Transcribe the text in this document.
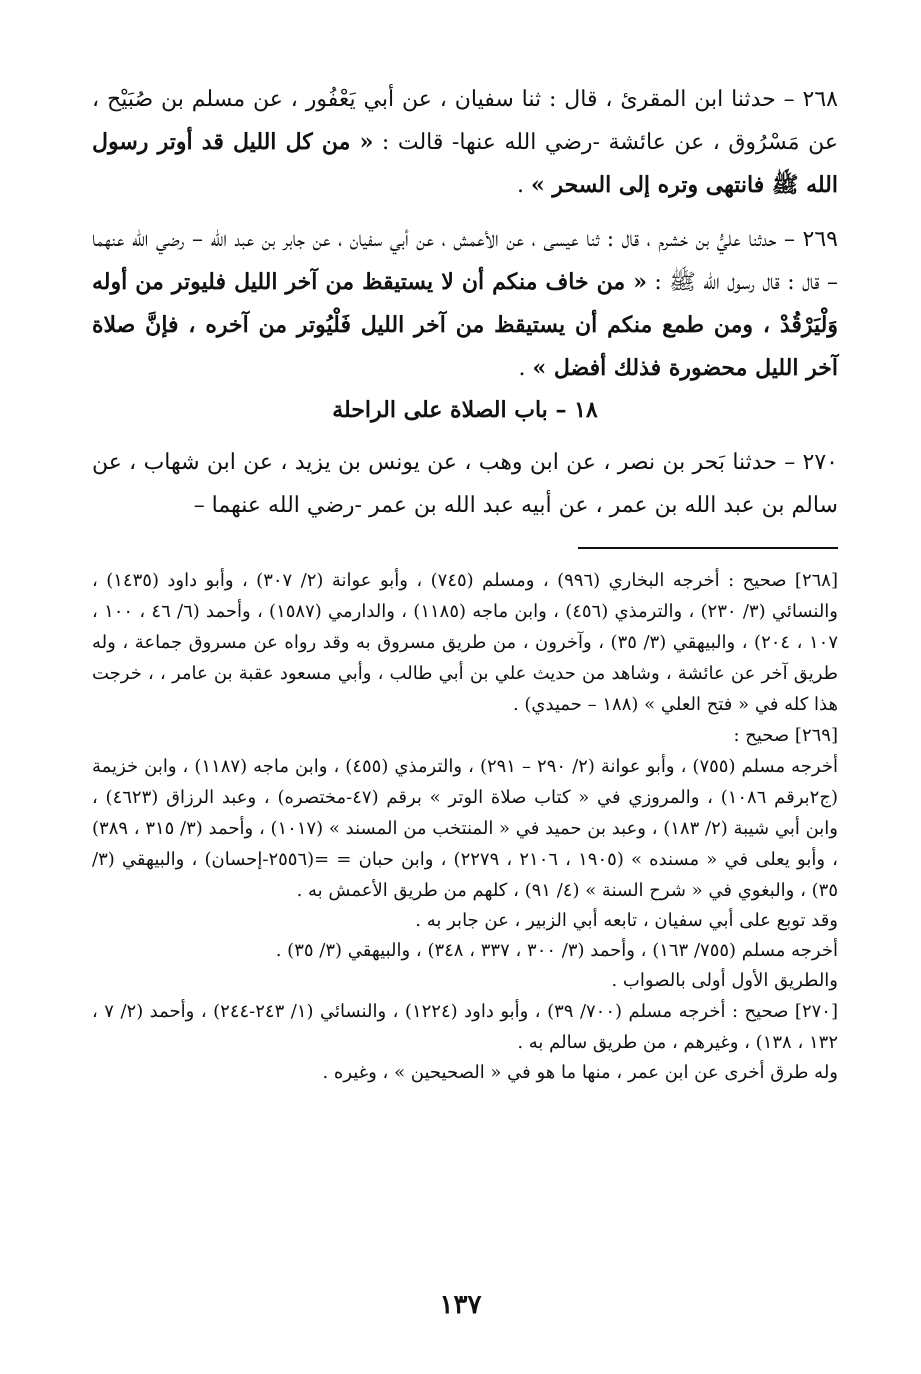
٢٦٨ – حدثنا ابن المقرئ ، قال : ثنا سفيان ، عن أبي يَعْفُور ، عن مسلم بن صُبَيْح ، عن مَسْرُوق ، عن عائشة -رضي الله عنها- قالت : « من كل الليل قد أوتر رسول الله ﷺ فانتهى وتره إلى السحر » .

٢٦٩ – حدثنا عليُّ بن خشرم ، قال : ثنا عيسى ، عن الأعمش ، عن أبي سفيان ، عن جابر بن عبد الله – رضي الله عنهما – قال : قال رسول الله ﷺ : « من خاف منكم أن لا يستيقظ من آخر الليل فليوتر من أوله وَلْيَرْقُدْ ، ومن طمع منكم أن يستيقظ من آخر الليل فَلْيُوتر من آخره ، فإنَّ صلاة آخر الليل محضورة فذلك أفضل » .

١٨ – باب الصلاة على الراحلة

٢٧٠ – حدثنا بَحر بن نصر ، عن ابن وهب ، عن يونس بن يزيد ، عن ابن شهاب ، عن سالم بن عبد الله بن عمر ، عن أبيه عبد الله بن عمر -رضي الله عنهما –

[٢٦٨] صحيح : أخرجه البخاري (٩٩٦) ، ومسلم (٧٤٥) ، وأبو عوانة (٢/ ٣٠٧) ، وأبو داود (١٤٣٥) ، والنسائي (٣/ ٢٣٠) ، والترمذي (٤٥٦) ، وابن ماجه (١١٨٥) ، والدارمي (١٥٨٧) ، وأحمد (٦/ ٤٦ ، ١٠٠ ، ١٠٧ ، ٢٠٤) ، والبيهقي (٣/ ٣٥) ، وآخرون ، من طريق مسروق به وقد رواه عن مسروق جماعة ، وله طريق آخر عن عائشة ، وشاهد من حديث علي بن أبي طالب ، وأبي مسعود عقبة بن عامر ، ، خرجت هذا كله في « فتح العلي » (١٨٨ – حميدي) .

[٢٦٩] صحيح :

أخرجه مسلم (٧٥٥) ، وأبو عوانة (٢/ ٢٩٠ – ٢٩١) ، والترمذي (٤٥٥) ، وابن ماجه (١١٨٧) ، وابن خزيمة (ج٢برقم ١٠٨٦) ، والمروزي في « كتاب صلاة الوتر » برقم (٤٧-مختصره) ، وعبد الرزاق (٤٦٢٣) ، وابن أبي شيبة (٢/ ١٨٣) ، وعبد بن حميد في « المنتخب من المسند » (١٠١٧) ، وأحمد (٣/ ٣١٥ ، ٣٨٩) ، وأبو يعلى في « مسنده » (١٩٠٥ ، ٢١٠٦ ، ٢٢٧٩) ، وابن حبان = =(٢٥٥٦-إحسان) ، والبيهقي (٣/ ٣٥) ، والبغوي في « شرح السنة » (٤/ ٩١) ، كلهم من طريق الأعمش به .

وقد توبع على أبي سفيان ، تابعه أبي الزبير ، عن جابر به .

أخرجه مسلم (٧٥٥/ ١٦٣) ، وأحمد (٣/ ٣٠٠ ، ٣٣٧ ، ٣٤٨) ، والبيهقي (٣/ ٣٥) .

والطريق الأول أولى بالصواب .

[٢٧٠] صحيح : أخرجه مسلم (٧٠٠/ ٣٩) ، وأبو داود (١٢٢٤) ، والنسائي (١/ ٢٤٣-٢٤٤) ، وأحمد (٢/ ٧ ، ١٣٢ ، ١٣٨) ، وغيرهم ، من طريق سالم به .

وله طرق أخرى عن ابن عمر ، منها ما هو في « الصحيحين » ، وغيره .

١٣٧
